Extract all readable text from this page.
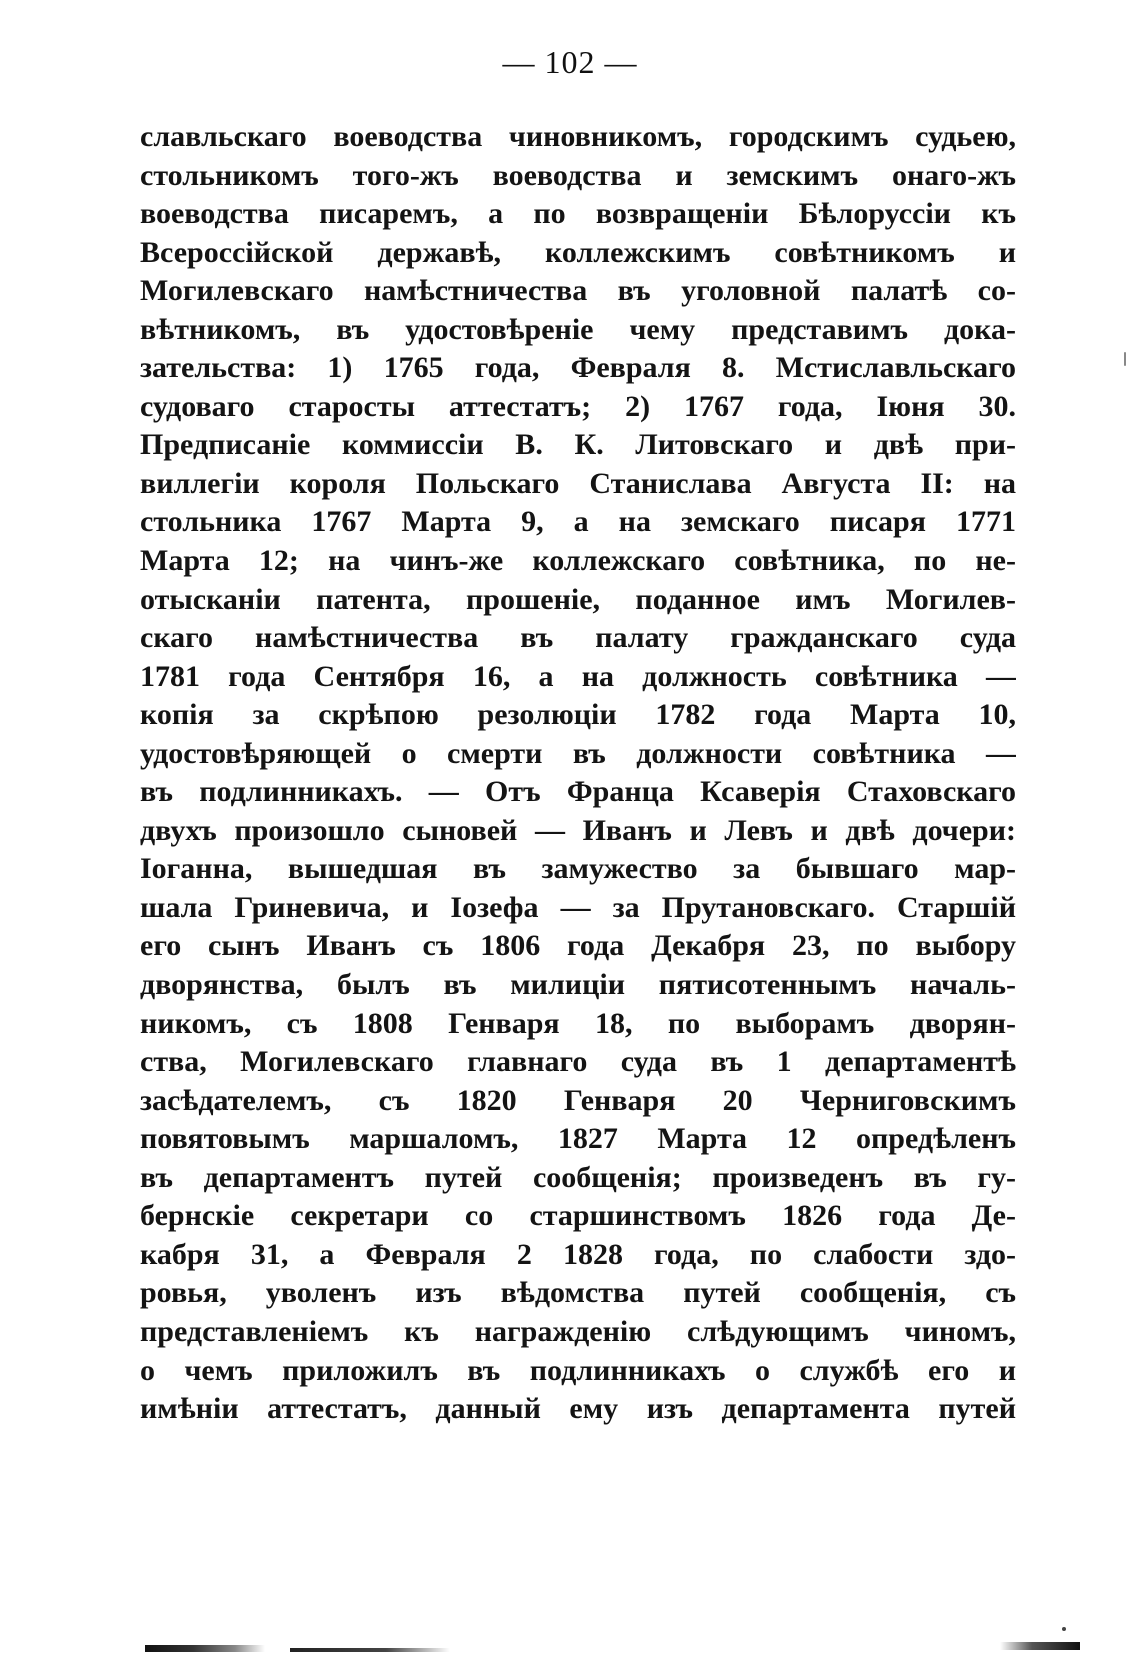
— 102 —
славльскаго воеводства чиновникомъ, городскимъ судьею,
стольникомъ того-жъ воеводства и земскимъ онаго-жъ
воеводства писаремъ, а по возвращеніи Бѣлоруссіи къ
Всероссійской державѣ, коллежскимъ совѣтникомъ и
Могилевскаго намѣстничества въ уголовной палатѣ со-
вѣтникомъ, въ удостовѣреніе чему представимъ дока-
зательства: 1) 1765 года, Февраля 8. Мстиславльскаго
судоваго старосты аттестатъ; 2) 1767 года, Іюня 30.
Предписаніе коммиссіи В. К. Литовскаго и двѣ при-
виллегіи короля Польскаго Станислава Августа II: на
стольника 1767 Марта 9, а на земскаго писаря 1771
Марта 12; на чинъ-же коллежскаго совѣтника, по не-
отысканіи патента, прошеніе, поданное имъ Могилев-
скаго намѣстничества въ палату гражданскаго суда
1781 года Сентября 16, а на должность совѣтника —
копія за скрѣпою резолюціи 1782 года Марта 10,
удостовѣряющей о смерти въ должности совѣтника —
въ подлинникахъ. — Отъ Франца Ксаверія Стаховскаго
двухъ произошло сыновей — Иванъ и Левъ и двѣ дочери:
Іоганна, вышедшая въ замужество за бывшаго мар-
шала Гриневича, и Іозефа — за Прутановскаго. Старшій
его сынъ Иванъ съ 1806 года Декабря 23, по выбору
дворянства, былъ въ милиціи пятисотеннымъ началь-
никомъ, съ 1808 Генваря 18, по выборамъ дворян-
ства, Могилевскаго главнаго суда въ 1 департаментѣ
засѣдателемъ, съ 1820 Генваря 20 Черниговскимъ
повятовымъ маршаломъ, 1827 Марта 12 опредѣленъ
въ департаментъ путей сообщенія; произведенъ въ гу-
бернскіе секретари со старшинствомъ 1826 года Де-
кабря 31, а Февраля 2 1828 года, по слабости здо-
ровья, уволенъ изъ вѣдомства путей сообщенія, съ
представленіемъ къ награжденію слѣдующимъ чиномъ,
о чемъ приложилъ въ подлинникахъ о службѣ его и
имѣніи аттестатъ, данный ему изъ департамента путей
